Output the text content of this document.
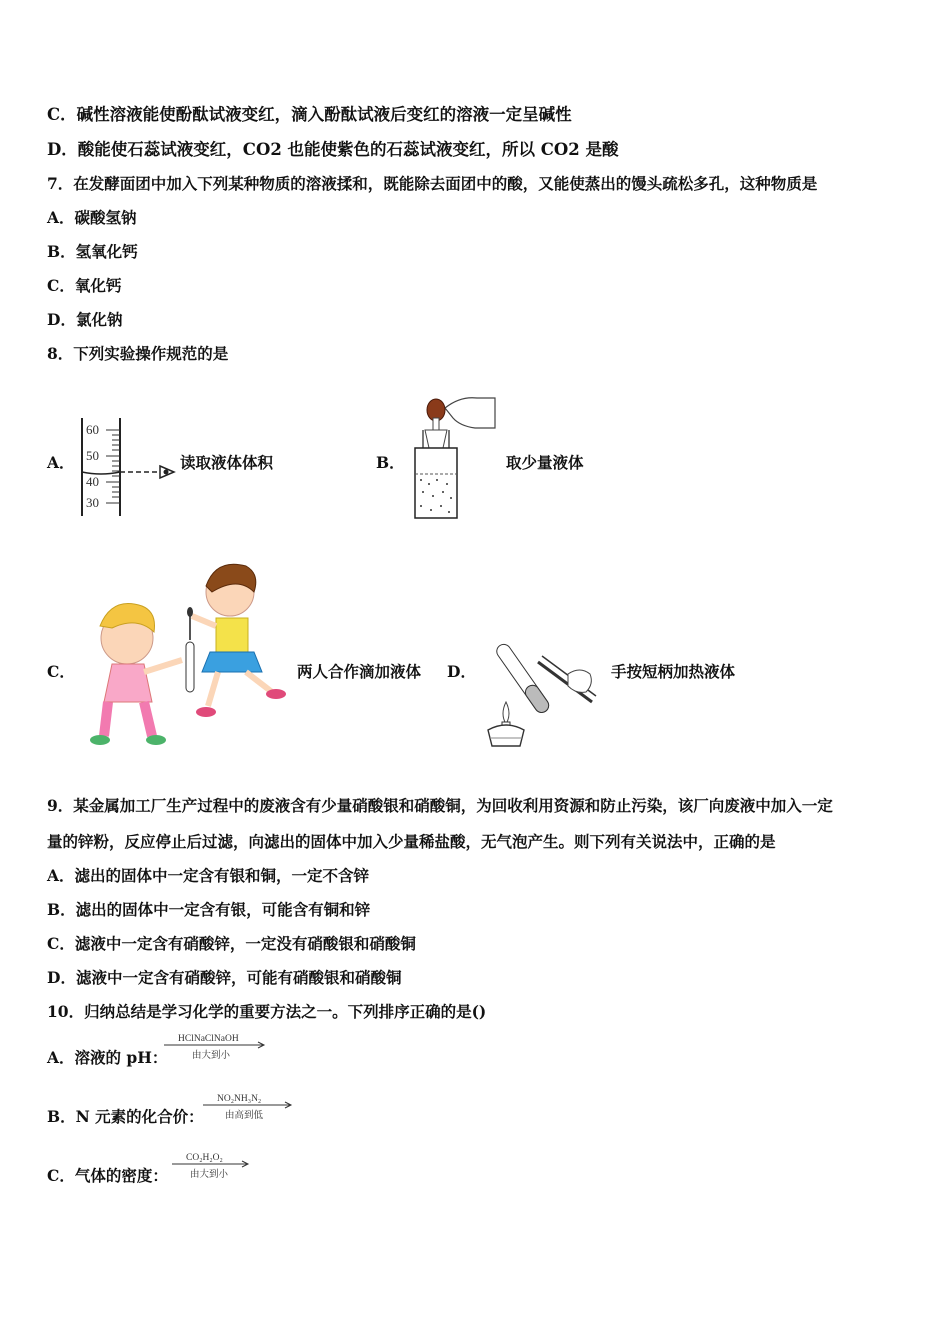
C．碱性溶液能使酚酞试液变红，滴入酚酞试液后变红的溶液一定呈碱性
D．酸能使石蕊试液变红，CO2 也能使紫色的石蕊试液变红，所以 CO2 是酸
7．在发酵面团中加入下列某种物质的溶液揉和，既能除去面团中的酸，又能使蒸出的馒头疏松多孔，这种物质是
A．碳酸氢钠
B．氢氧化钙
C．氧化钙
D．氯化钠
8．下列实验操作规范的是
A．
60
50
40
30
读取液体体积	B．	取少量液体
C．	两人合作滴加液体 D．	手按短柄加热液体
9．某金属加工厂生产过程中的废液含有少量硝酸银和硝酸铜，为回收利用资源和防止污染，该厂向废液中加入一定
量的锌粉，反应停止后过滤，向滤出的固体中加入少量稀盐酸，无气泡产生。则下列有关说法中，正确的是
A．滤出的固体中一定含有银和铜，一定不含锌
B．滤出的固体中一定含有银，可能含有铜和锌
C．滤液中一定含有硝酸锌，一定没有硝酸银和硝酸铜
D．滤液中一定含有硝酸锌，可能有硝酸银和硝酸铜
10．归纳总结是学习化学的重要方法之一。下列排序正确的是()
A．溶液的 pH：
HClNaClNaOH
由大到小
B．N 元素的化合价：
NO₂NH₃N₂
由高到低
C．气体的密度：
CO₂H₂O₂
由大到小
